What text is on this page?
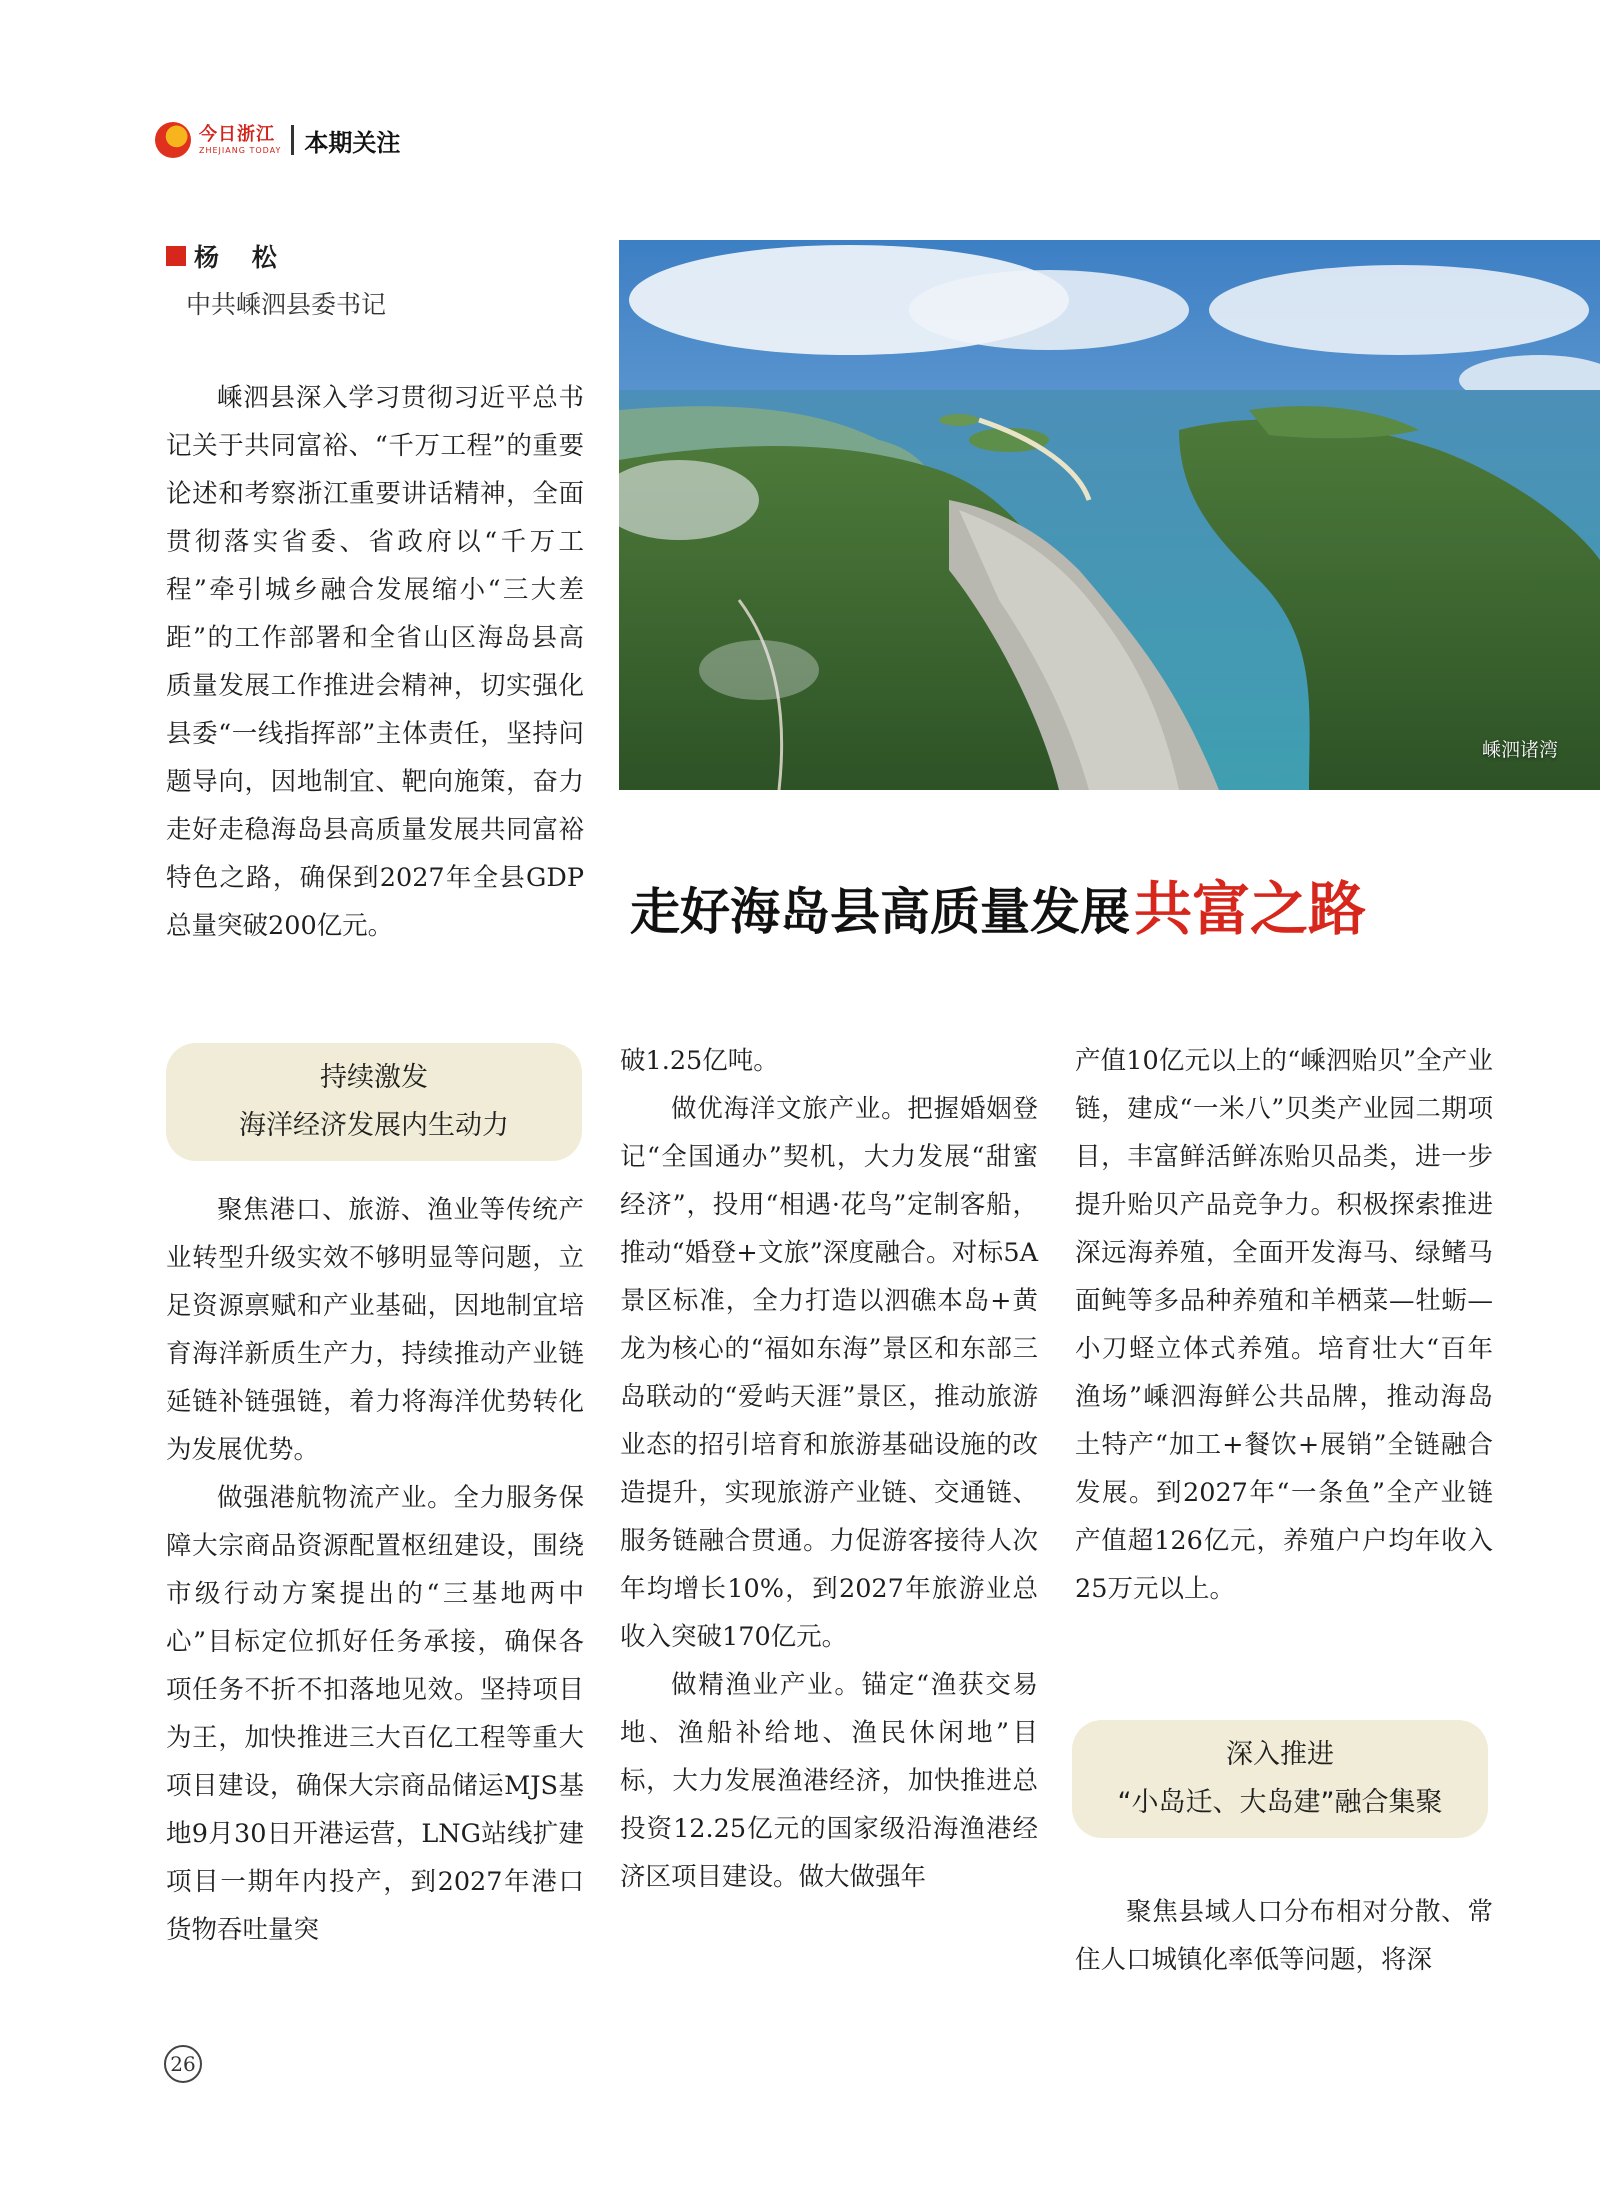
今日浙江
ZHEJIANG TODAY 本期关注
杨 松
中共嵊泗县委书记

嵊泗县深入学习贯彻习近平总书记关于共同富裕、“千万工程”的重要论述和考察浙江重要讲话精神，全面贯彻落实省委、省政府以“千万工程”牵引城乡融合发展缩小“三大差距”的工作部署和全省山区海岛县高质量发展工作推进会精神，切实强化县委“一线指挥部”主体责任，坚持问题导向，因地制宜、靶向施策，奋力走好走稳海岛县高质量发展共同富裕特色之路，确保到2027年全县GDP总量突破200亿元。

嵊泗诸湾
走好海岛县高质量发展 共富之路
持续激发
海洋经济发展内生动力

聚焦港口、旅游、渔业等传统产业转型升级实效不够明显等问题，立足资源禀赋和产业基础，因地制宜培育海洋新质生产力，持续推动产业链延链补链强链，着力将海洋优势转化为发展优势。

做强港航物流产业。全力服务保障大宗商品资源配置枢纽建设，围绕市级行动方案提出的“三基地两中心”目标定位抓好任务承接，确保各项任务不折不扣落地见效。坚持项目为王，加快推进三大百亿工程等重大项目建设，确保大宗商品储运MJS基地9月30日开港运营，LNG站线扩建项目一期年内投产，到2027年港口货物吞吐量突

破1.25亿吨。

做优海洋文旅产业。把握婚姻登记“全国通办”契机，大力发展“甜蜜经济”，投用“相遇·花鸟”定制客船，推动“婚登+文旅”深度融合。对标5A景区标准，全力打造以泗礁本岛+黄龙为核心的“福如东海”景区和东部三岛联动的“爱屿天涯”景区，推动旅游业态的招引培育和旅游基础设施的改造提升，实现旅游产业链、交通链、服务链融合贯通。力促游客接待人次年均增长10%，到2027年旅游业总收入突破170亿元。

做精渔业产业。锚定“渔获交易地、渔船补给地、渔民休闲地”目标，大力发展渔港经济，加快推进总投资12.25亿元的国家级沿海渔港经济区项目建设。做大做强年

产值10亿元以上的“嵊泗贻贝”全产业链，建成“一米八”贝类产业园二期项目，丰富鲜活鲜冻贻贝品类，进一步提升贻贝产品竞争力。积极探索推进深远海养殖，全面开发海马、绿鳍马面鲀等多品种养殖和羊栖菜—牡蛎—小刀蛏立体式养殖。培育壮大“百年渔场”嵊泗海鲜公共品牌，推动海岛土特产“加工+餐饮+展销”全链融合发展。到2027年“一条鱼”全产业链产值超126亿元，养殖户户均年收入25万元以上。

深入推进
“小岛迁、大岛建”融合集聚

聚焦县域人口分布相对分散、常住人口城镇化率低等问题，将深

26
